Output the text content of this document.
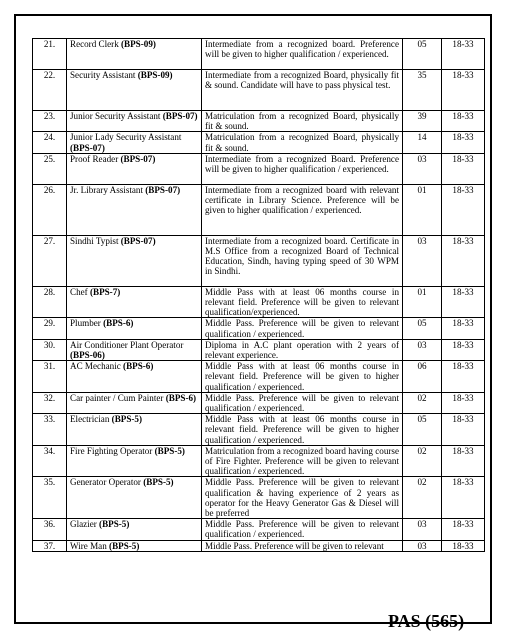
21.	Record Clerk (BPS-09)	Intermediate from a recognized board. Preference will be given to higher qualification / experienced.	05	18-33
22.	Security Assistant (BPS-09)	Intermediate from a recognized Board, physically fit & sound. Candidate will have to pass physical test.	35	18-33
23.	Junior Security Assistant (BPS-07)	Matriculation from a recognized Board, physically fit & sound.	39	18-33
24.	Junior Lady Security Assistant (BPS-07)	Matriculation from a recognized Board, physically fit & sound.	14	18-33
25.	Proof Reader (BPS-07)	Intermediate from a recognized Board. Preference will be given to higher qualification / experienced.	03	18-33
26.	Jr. Library Assistant (BPS-07)	Intermediate from a recognized board with relevant certificate in Library Science. Preference will be given to higher qualification / experienced.	01	18-33
27.	Sindhi Typist (BPS-07)	Intermediate from a recognized board. Certificate in M.S Office from a recognized Board of Technical Education, Sindh, having typing speed of 30 WPM in Sindhi.	03	18-33
28.	Chef (BPS-7)	Middle Pass with at least 06 months course in relevant field. Preference will be given to relevant qualification/experienced.	01	18-33
29.	Plumber (BPS-6)	Middle Pass. Preference will be given to relevant qualification / experienced.	05	18-33
30.	Air Conditioner Plant Operator (BPS-06)	Diploma in A.C plant operation with 2 years of relevant experience.	03	18-33
31.	AC Mechanic (BPS-6)	Middle Pass with at least 06 months course in relevant field. Preference will be given to higher qualification / experienced.	06	18-33
32.	Car painter / Cum Painter (BPS-6)	Middle Pass. Preference will be given to relevant qualification / experienced.	02	18-33
33.	Electrician (BPS-5)	Middle Pass with at least 06 months course in relevant field. Preference will be given to higher qualification / experienced.	05	18-33
34.	Fire Fighting Operator (BPS-5)	Matriculation from a recognized board having course of Fire Fighter. Preference will be given to relevant qualification / experienced.	02	18-33
35.	Generator Operator (BPS-5)	Middle Pass. Preference will be given to relevant qualification & having experience of 2 years as operator for the Heavy Generator Gas & Diesel will be preferred	02	18-33
36.	Glazier (BPS-5)	Middle Pass. Preference will be given to relevant qualification / experienced.	03	18-33
37.	Wire Man (BPS-5)	Middle Pass. Preference will be given to relevant	03	18-33
PAS (565)
